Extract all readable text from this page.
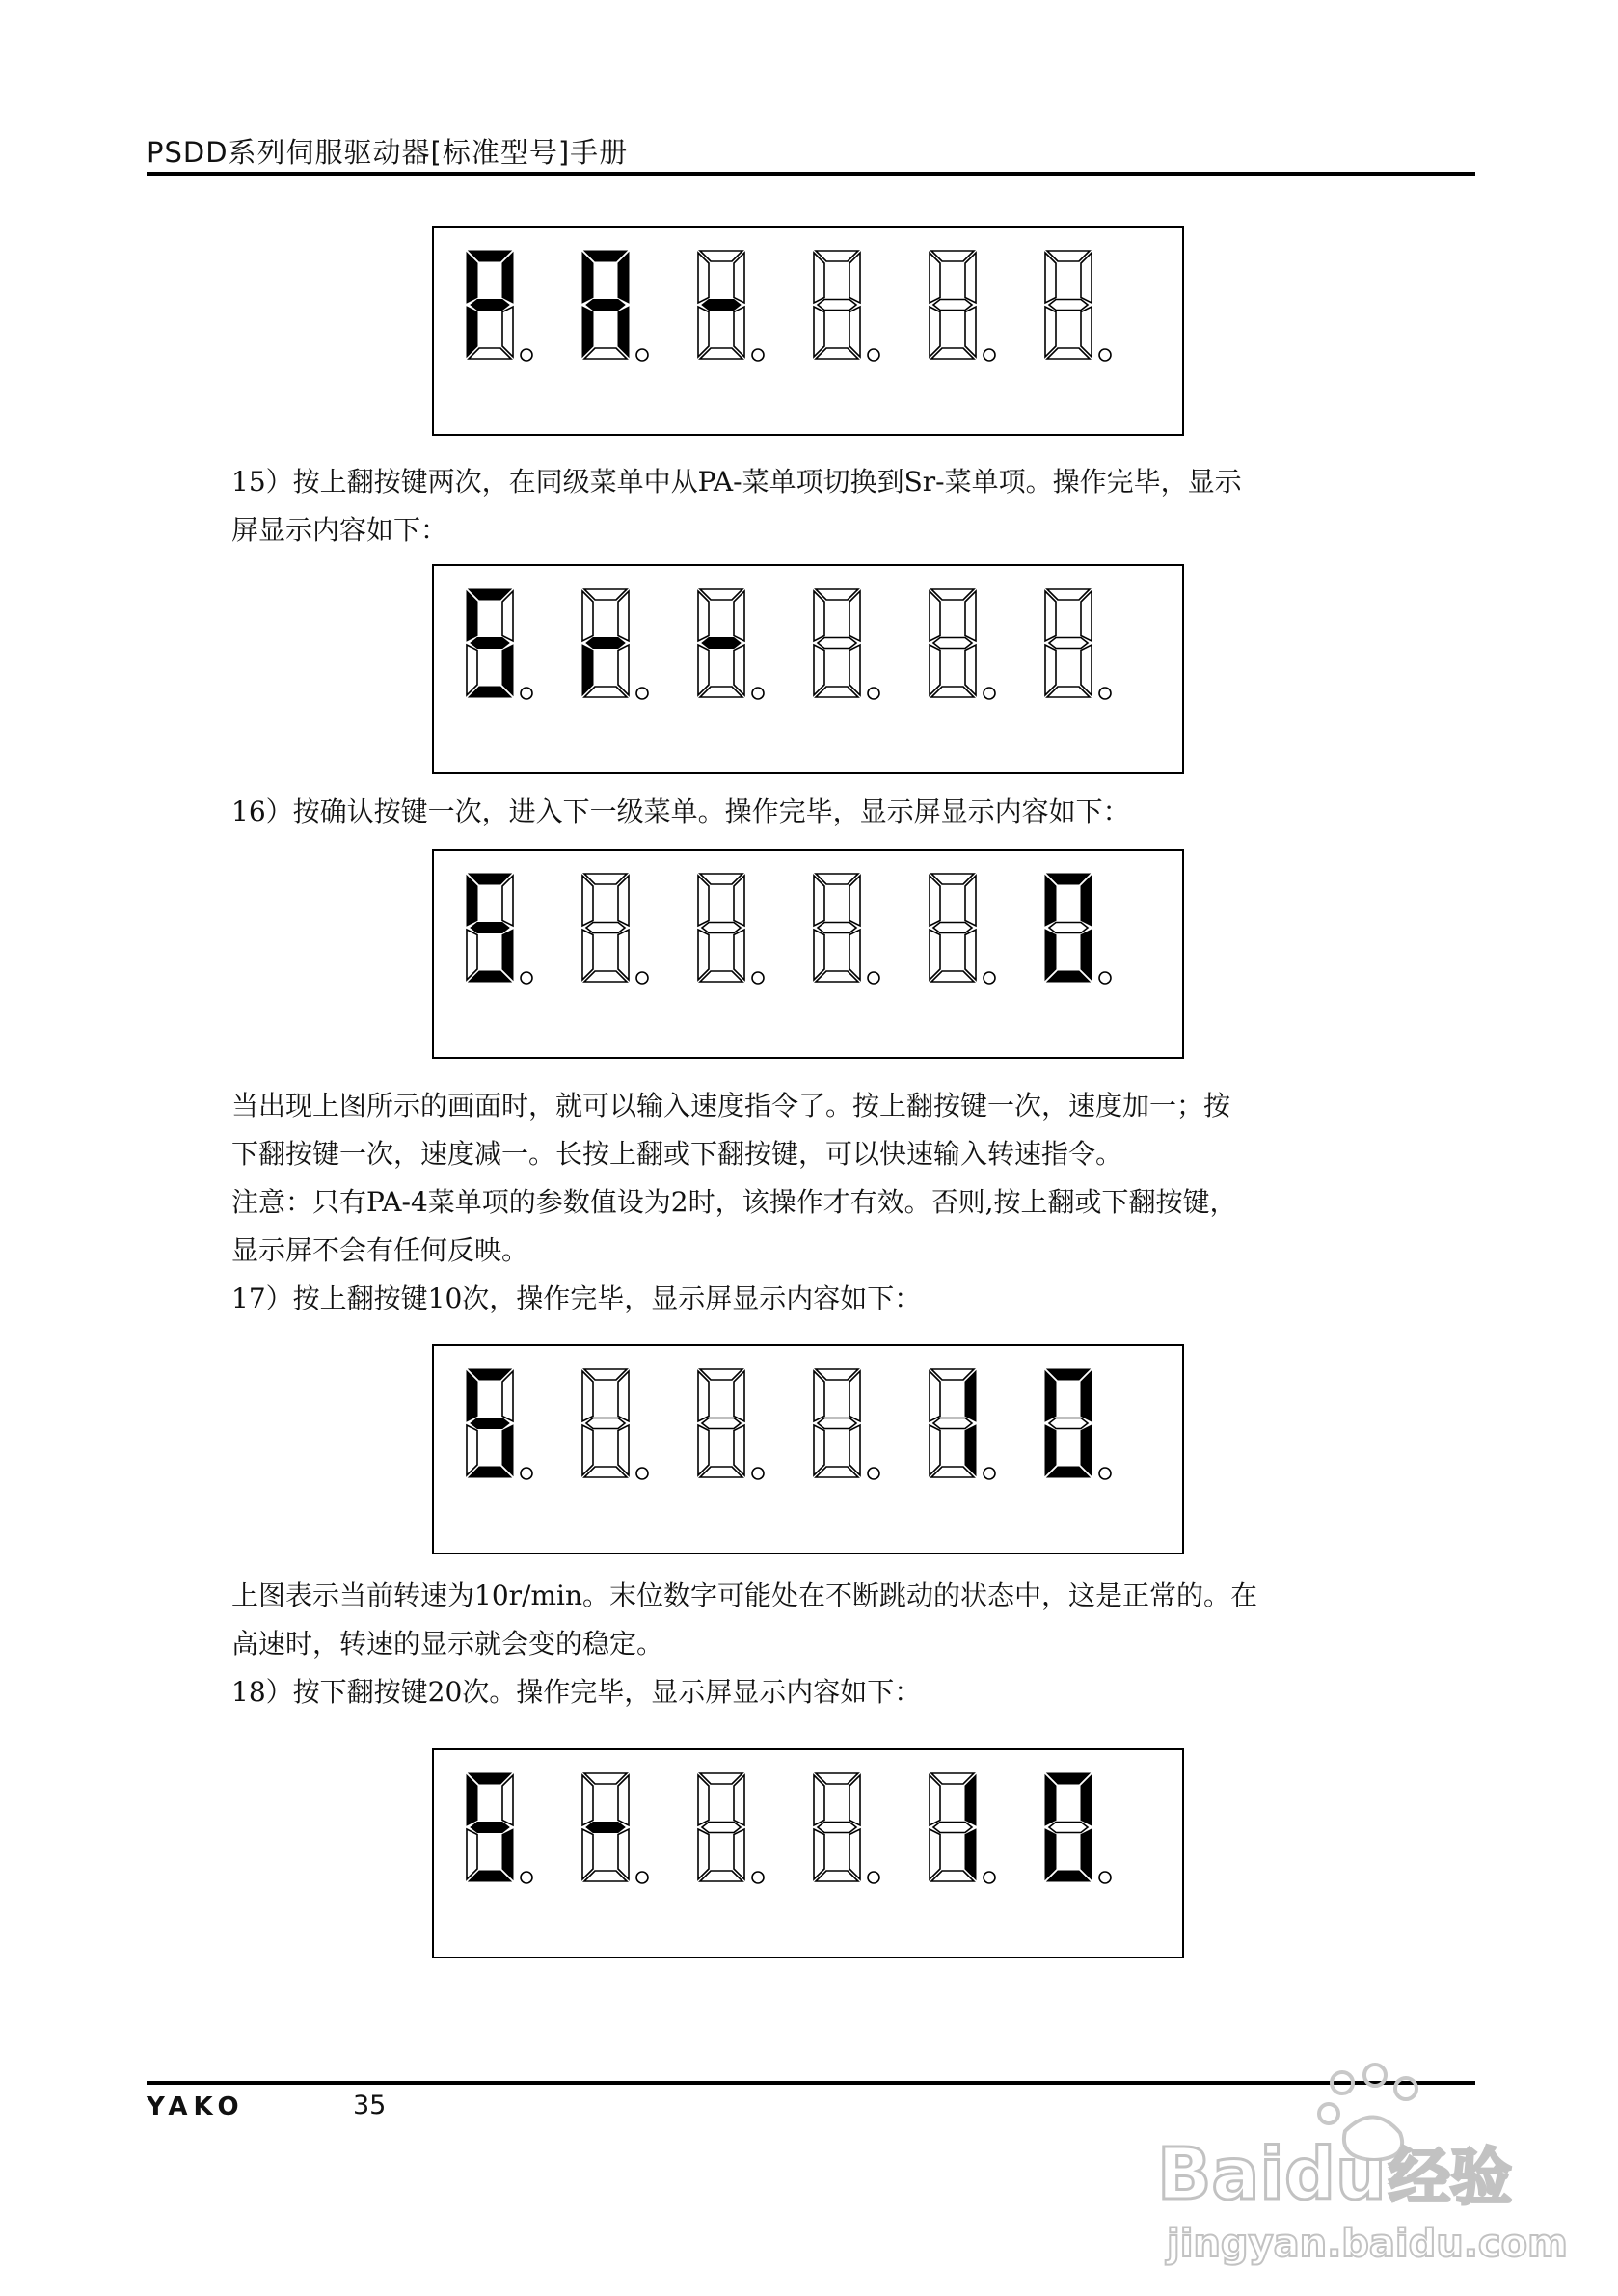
PSDD系列伺服驱动器[标准型号]手册
15）按上翻按键两次，在同级菜单中从PA-菜单项切换到Sr-菜单项。操作完毕，显示
屏显示内容如下：
16）按确认按键一次，进入下一级菜单。操作完毕，显示屏显示内容如下：
当出现上图所示的画面时，就可以输入速度指令了。按上翻按键一次，速度加一；按
下翻按键一次，速度减一。长按上翻或下翻按键，可以快速输入转速指令。
注意：只有PA-4菜单项的参数值设为2时，该操作才有效。否则,按上翻或下翻按键，
显示屏不会有任何反映。
17）按上翻按键10次，操作完毕，显示屏显示内容如下：
上图表示当前转速为10r/min。末位数字可能处在不断跳动的状态中，这是正常的。在
高速时，转速的显示就会变的稳定。
18）按下翻按键20次。操作完毕，显示屏显示内容如下：
YAKO	35
Bai du 经验
jingyan.baidu.com
